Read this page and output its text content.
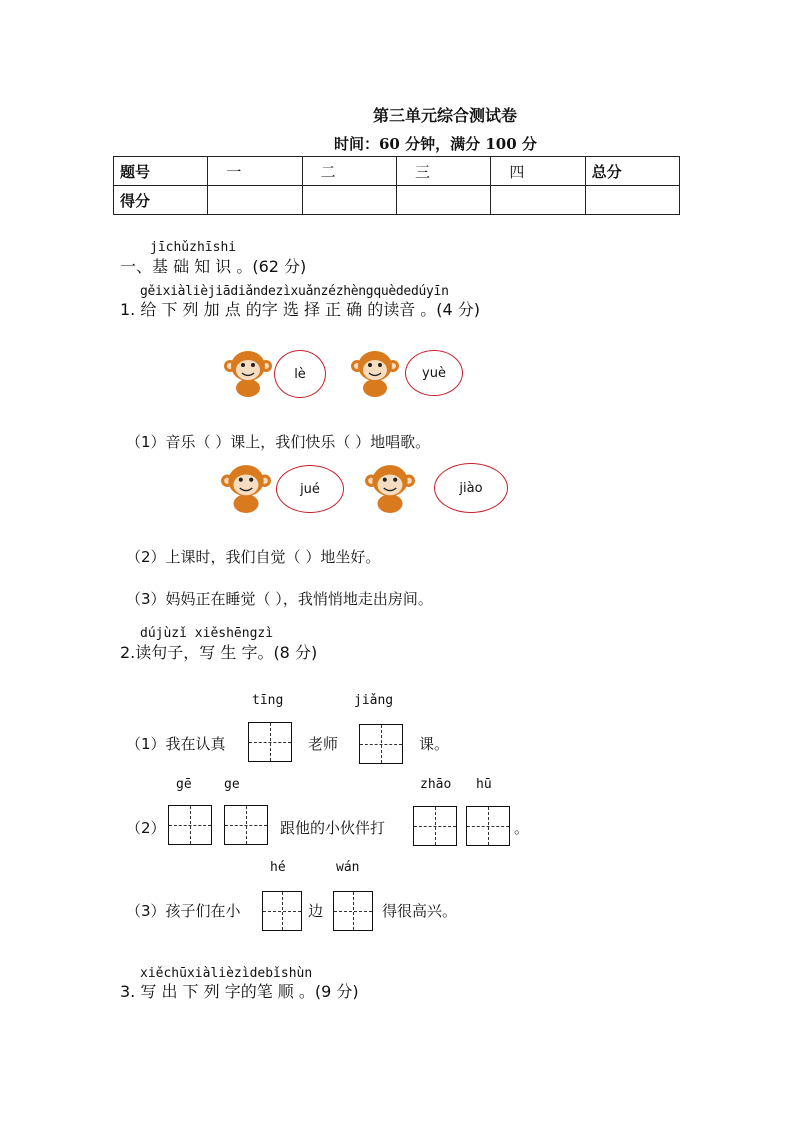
第三单元综合测试卷
时间：60 分钟，满分 100 分
题号	一	二	三	四	总分
得分					
jīchǔzhīshi
一、基 础 知 识 。(62 分)
gěixiàlièjiādiǎndezìxuǎnzézhèngquèdedúyīn
1. 给 下 列 加 点 的字 选 择 正 确 的读音 。(4 分)
lè	yuè
（1）音乐（ ）课上，我们快乐（ ）地唱歌。
jué	jiào
（2）上课时，我们自觉（ ）地坐好。
（3）妈妈正在睡觉（ ），我悄悄地走出房间。
dújùzǐ xiěshēngzì
2.读句子，写 生 字。(8 分)
tīng	jiǎng
（1）我在认真	老师	课。
gē ge	zhāo hū
（2）	跟他的小伙伴打	。
hé	wán
（3）孩子们在小	边	得很高兴。
xiěchūxiàlièzìdebǐshùn
3. 写 出 下 列 字的笔 顺 。(9 分)
